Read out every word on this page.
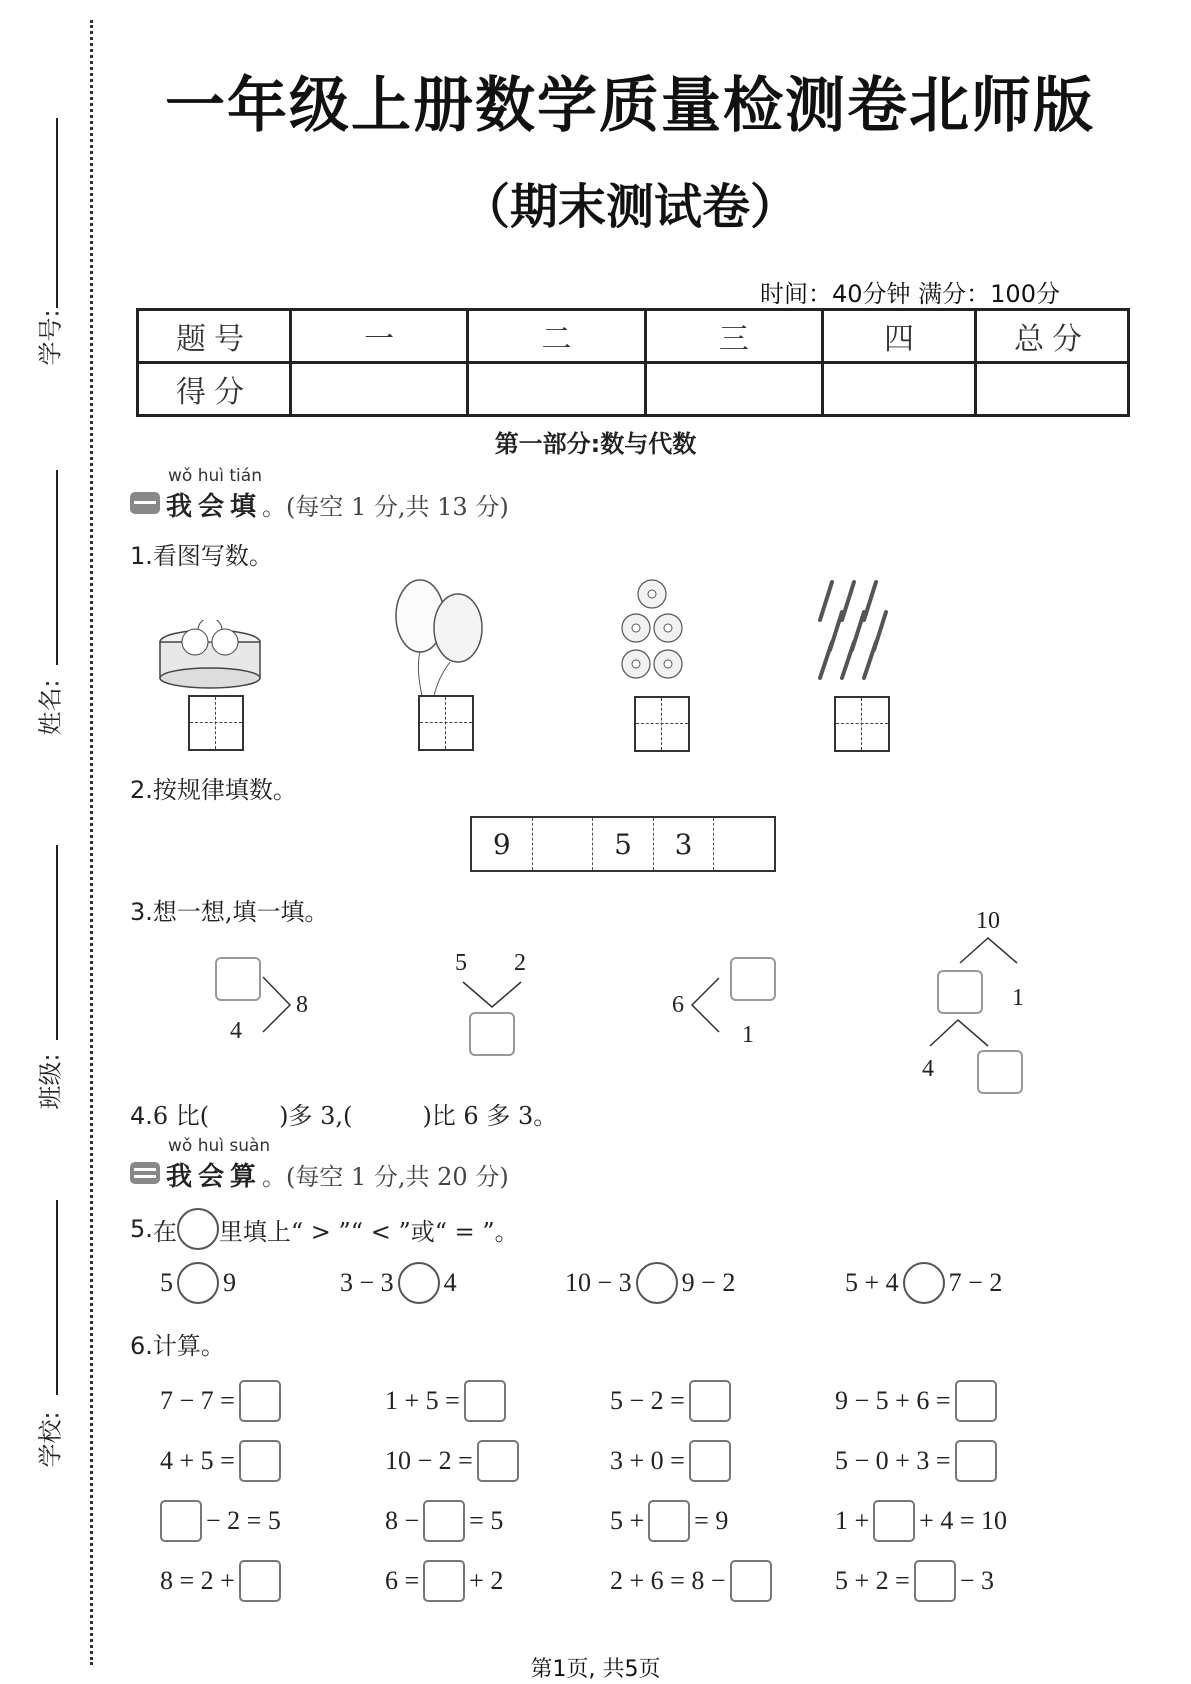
学号:
姓名:
班级:
学校:
一年级上册数学质量检测卷北师版
（期末测试卷）
时间：40分钟 满分：100分
题号	一	二	三	四	总分
得分					
第一部分:数与代数
wǒ huì tián
我会填。(每空 1 分,共 13 分)
1.看图写数。
2.按规律填数。
9	5	3
3.想一想,填一填。
4
8
5 2
6
1
10
1
4
4.6 比(	)多 3,(	)比 6 多 3。
wǒ huì suàn
我会算。(每空 1 分,共 20 分)
5. 在 里填上“ > ”“ < ”或“ = ”。
5 9	3 − 3 4	10 − 3 9 − 2	5 + 4 7 − 2
6.计算。
7 − 7 =	1 + 5 =	5 − 2 =	9 − 5 + 6 =
4 + 5 =	10 − 2 =	3 + 0 =	5 − 0 + 3 =
− 2 = 5	8 − = 5	5 + = 9	1 + + 4 = 10
8 = 2 +	6 = + 2	2 + 6 = 8 −	5 + 2 = − 3
第1页, 共5页
